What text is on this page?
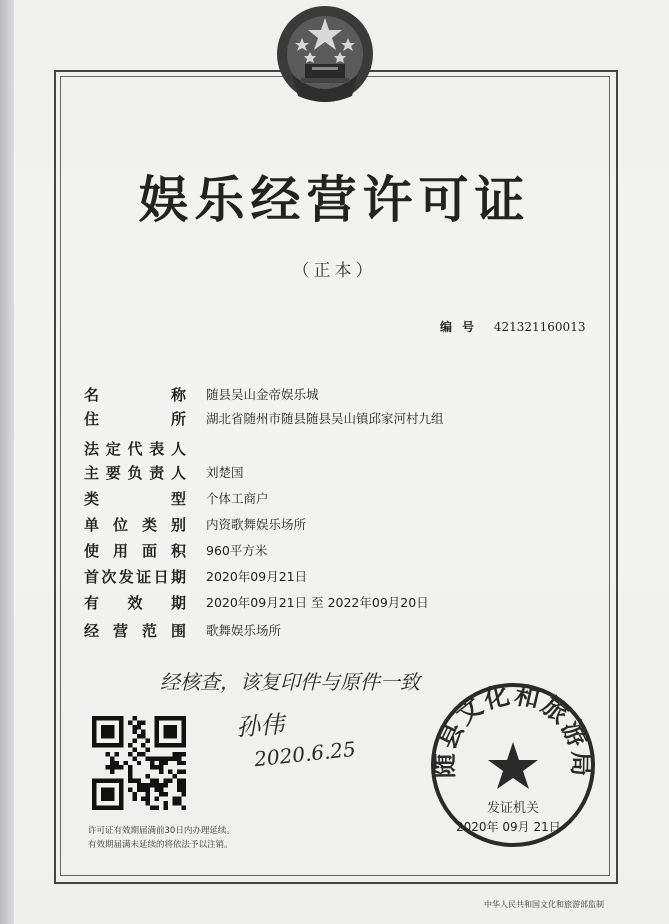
娱乐经营许可证
（正本）
编号 421321160013
名	称 随县吴山金帝娱乐城
住	所 湖北省随州市随县随县吴山镇邱家河村九组
法 定 代 表 人
主 要 负 责 人 刘楚国
类	型 个体工商户
单 位 类 别 内资歌舞娱乐场所
使 用 面 积 960平方米
首 次 发 证 日 期 2020年09月21日
有 效 期 2020年09月21日 至 2022年09月20日
经 营 范 围 歌舞娱乐场所
经核查，该复印件与原件一致
孙伟
2020.6.25
许可证有效期届满前30日内办理延续。
有效期届满未延续的将依法予以注销。
随县文化和旅游局
发证机关
2020年 09月 21日
中华人民共和国文化和旅游部监制
